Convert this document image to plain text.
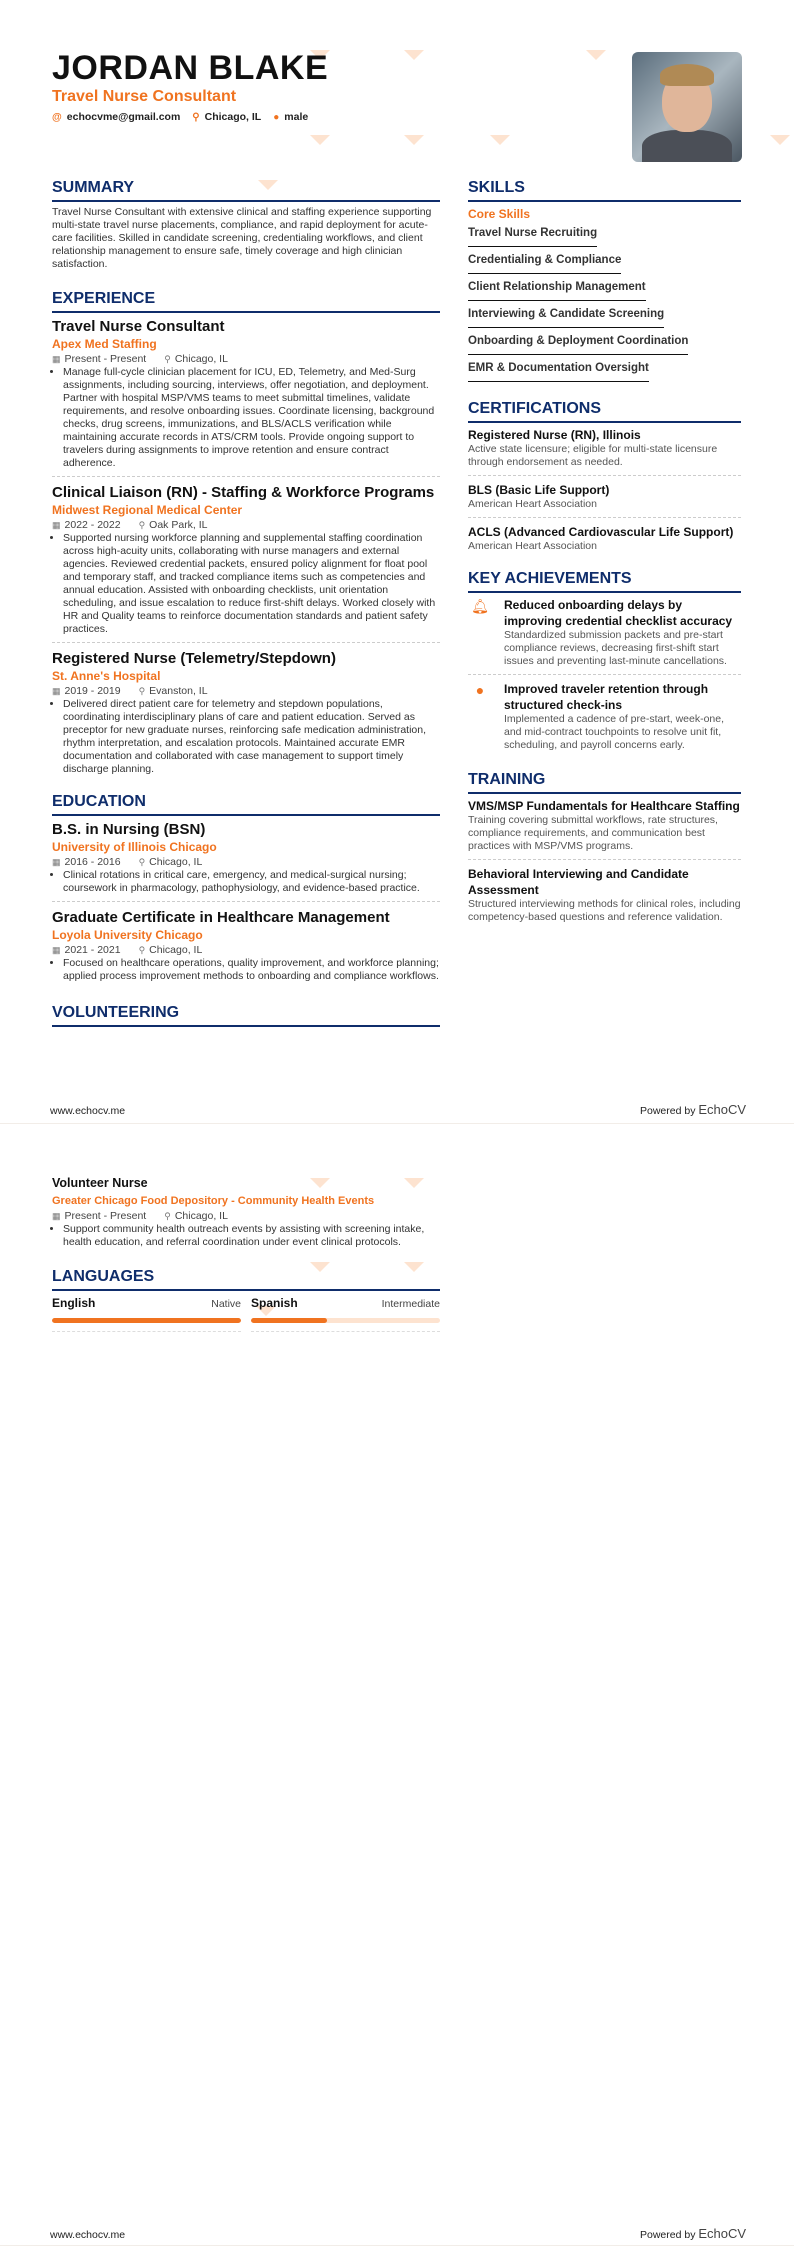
JORDAN BLAKE
Travel Nurse Consultant
@ echocvme@gmail.com ⚲ Chicago, IL ● male
SUMMARY
Travel Nurse Consultant with extensive clinical and staffing experience supporting multi-state travel nurse placements, compliance, and rapid deployment for acute-care facilities. Skilled in candidate screening, credentialing workflows, and client relationship management to ensure safe, timely coverage and high clinician satisfaction.
EXPERIENCE
Travel Nurse Consultant
Apex Med Staffing
▦ Present - Present ⚲ Chicago, IL
• Manage full-cycle clinician placement for ICU, ED, Telemetry, and Med-Surg assignments, including sourcing, interviews, offer negotiation, and deployment. Partner with hospital MSP/VMS teams to meet submittal timelines, validate requirements, and resolve onboarding issues. Coordinate licensing, background checks, drug screens, immunizations, and BLS/ACLS verification while maintaining accurate records in ATS/CRM tools. Provide ongoing support to travelers during assignments to improve retention and ensure contract adherence.
Clinical Liaison (RN) - Staffing & Workforce Programs
Midwest Regional Medical Center
▦ 2022 - 2022 ⚲ Oak Park, IL
• Supported nursing workforce planning and supplemental staffing coordination across high-acuity units, collaborating with nurse managers and external agencies. Reviewed credential packets, ensured policy alignment for float pool and temporary staff, and tracked compliance items such as competencies and annual education. Assisted with onboarding checklists, unit orientation scheduling, and issue escalation to reduce first-shift delays. Worked closely with HR and Quality teams to reinforce documentation standards and patient safety practices.
Registered Nurse (Telemetry/Stepdown)
St. Anne's Hospital
▦ 2019 - 2019 ⚲ Evanston, IL
• Delivered direct patient care for telemetry and stepdown populations, coordinating interdisciplinary plans of care and patient education. Served as preceptor for new graduate nurses, reinforcing safe medication administration, rhythm interpretation, and escalation protocols. Maintained accurate EMR documentation and collaborated with case management to support timely discharge planning.
EDUCATION
B.S. in Nursing (BSN)
University of Illinois Chicago
▦ 2016 - 2016 ⚲ Chicago, IL
• Clinical rotations in critical care, emergency, and medical-surgical nursing; coursework in pharmacology, pathophysiology, and evidence-based practice.
Graduate Certificate in Healthcare Management
Loyola University Chicago
▦ 2021 - 2021 ⚲ Chicago, IL
• Focused on healthcare operations, quality improvement, and workforce planning; applied process improvement methods to onboarding and compliance workflows.
VOLUNTEERING
SKILLS
Core Skills
Travel Nurse Recruiting
Credentialing & Compliance
Client Relationship Management
Interviewing & Candidate Screening
Onboarding & Deployment Coordination
EMR & Documentation Oversight
CERTIFICATIONS
Registered Nurse (RN), Illinois
Active state licensure; eligible for multi-state licensure through endorsement as needed.
BLS (Basic Life Support)
American Heart Association
ACLS (Advanced Cardiovascular Life Support)
American Heart Association
KEY ACHIEVEMENTS
🔔︎ Reduced onboarding delays by improving credential checklist accuracy
Standardized submission packets and pre-start compliance reviews, decreasing first-shift start issues and preventing last-minute cancellations.
●	Improved traveler retention through structured check-ins
Implemented a cadence of pre-start, week-one, and mid-contract touchpoints to resolve unit fit, scheduling, and payroll concerns early.
TRAINING
VMS/MSP Fundamentals for Healthcare Staffing
Training covering submittal workflows, rate structures, compliance requirements, and communication best practices with MSP/VMS programs.
Behavioral Interviewing and Candidate Assessment
Structured interviewing methods for clinical roles, including competency-based questions and reference validation.
www.echocv.me	Powered by EchoCV
Volunteer Nurse
Greater Chicago Food Depository - Community Health Events
▦ Present - Present ⚲ Chicago, IL
• Support community health outreach events by assisting with screening intake, health education, and referral coordination under event clinical protocols.
LANGUAGES
English	Native Spanish	Intermediate
www.echocv.me	Powered by EchoCV
